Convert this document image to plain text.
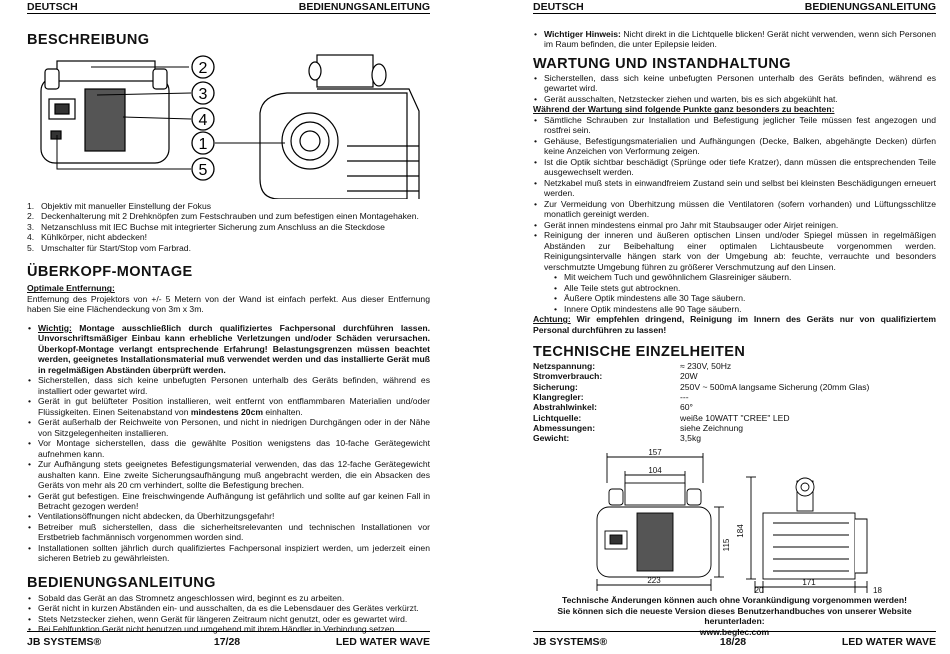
DEUTSCH	BEDIENUNGSANLEITUNG
BESCHREIBUNG
2
3
4
1
5
1. Objektiv mit manueller Einstellung der Fokus
2. Deckenhalterung mit 2 Drehknöpfen zum Festschrauben und zum befestigen einen Montagehaken.
3. Netzanschluss mit IEC Buchse mit integrierter Sicherung zum Anschluss an die Steckdose
4. Kühlkörper, nicht abdecken!
5. Umschalter für Start/Stop vom Farbrad.
ÜBERKOPF-MONTAGE
Optimale Entfernung:
Entfernung des Projektors von +/- 5 Metern von der Wand ist einfach perfekt. Aus dieser Entfernung haben Sie eine Flächendeckung von 3m x 3m.
• Wichtig: Montage ausschließlich durch qualifiziertes Fachpersonal durchführen lassen. Unvorschriftsmäßiger Einbau kann erhebliche Verletzungen und/oder Schäden verursachen. Überkopf-Montage verlangt entsprechende Erfahrung! Belastungsgrenzen müssen beachtet werden, geeignetes Installationsmaterial muß verwendet werden und das installierte Gerät muß in regelmäßigen Abständen überprüft werden.
• Sicherstellen, dass sich keine unbefugten Personen unterhalb des Geräts befinden, während es installiert oder gewartet wird.
• Gerät in gut belüfteter Position installieren, weit entfernt von entflammbaren Materialien und/oder Flüssigkeiten. Einen Seitenabstand von mindestens 20cm einhalten.
• Gerät außerhalb der Reichweite von Personen, und nicht in niedrigen Durchgängen oder in der Nähe von Sitzgelegenheiten installieren.
• Vor Montage sicherstellen, dass die gewählte Position wenigstens das 10-fache Gerätegewicht aufnehmen kann.
• Zur Aufhängung stets geeignetes Befestigungsmaterial verwenden, das das 12-fache Gerätegewicht aushalten kann. Eine zweite Sicherungsaufhängung muß angebracht werden, die ein Absacken des Geräts von mehr als 20 cm verhindert, sollte die Befestigung brechen.
• Gerät gut befestigen. Eine freischwingende Aufhängung ist gefährlich und sollte auf gar keinen Fall in Betracht gezogen werden!
• Ventilationsöffnungen nicht abdecken, da Überhitzungsgefahr!
• Betreiber muß sicherstellen, dass die sicherheitsrelevanten und technischen Installationen vor Erstbetrieb fachmännisch vorgenommen worden sind.
• Installationen sollten jährlich durch qualifiziertes Fachpersonal inspiziert werden, um jederzeit einen sicheren Betrieb zu gewährleisten.
BEDIENUNGSANLEITUNG
• Sobald das Gerät an das Stromnetz angeschlossen wird, beginnt es zu arbeiten.
• Gerät nicht in kurzen Abständen ein- und ausschalten, da es die Lebensdauer des Gerätes verkürzt.
• Stets Netzstecker ziehen, wenn Gerät für längeren Zeitraum nicht genutzt, oder es gewartet wird.
• Bei Fehlfunktion Gerät nicht benutzen und umgehend mit ihrem Händler in Verbindung setzen.
JB SYSTEMS®	17/28	LED WATER WAVE
DEUTSCH	BEDIENUNGSANLEITUNG
• Wichtiger Hinweis: Nicht direkt in die Lichtquelle blicken! Gerät nicht verwenden, wenn sich Personen im Raum befinden, die unter Epilepsie leiden.
WARTUNG UND INSTANDHALTUNG
• Sicherstellen, dass sich keine unbefugten Personen unterhalb des Geräts befinden, während es gewartet wird.
• Gerät ausschalten, Netzstecker ziehen und warten, bis es sich abgekühlt hat.
Während der Wartung sind folgende Punkte ganz besonders zu beachten:
• Sämtliche Schrauben zur Installation und Befestigung jeglicher Teile müssen fest angezogen und rostfrei sein.
• Gehäuse, Befestigungsmaterialien und Aufhängungen (Decke, Balken, abgehängte Decken) dürfen keine Anzeichen von Verformung zeigen.
• Ist die Optik sichtbar beschädigt (Sprünge oder tiefe Kratzer), dann müssen die entsprechenden Teile ausgewechselt werden.
• Netzkabel muß stets in einwandfreiem Zustand sein und selbst bei kleinsten Beschädigungen erneuert werden.
• Zur Vermeidung von Überhitzung müssen die Ventilatoren (sofern vorhanden) und Lüftungsschlitze monatlich gereinigt werden.
• Gerät innen mindestens einmal pro Jahr mit Staubsauger oder Airjet reinigen.
• Reinigung der inneren und äußeren optischen Linsen und/oder Spiegel müssen in regelmäßigen Abständen zur Beibehaltung einer optimalen Lichtausbeute vorgenommen werden. Reinigungsintervalle hängen stark von der Umgebung ab: feuchte, verrauchte und besonders verschmutzte Umgebung führen zu größerer Verschmutzung auf den Linsen.
• Mit weichem Tuch und gewöhnlichem Glasreiniger säubern.
• Alle Teile stets gut abtrocknen.
• Äußere Optik mindestens alle 30 Tage säubern.
• Innere Optik mindestens alle 90 Tage säubern.
Achtung: Wir empfehlen dringend, Reinigung im Innern des Geräts nur von qualifiziertem Personal durchführen zu lassen!
TECHNISCHE EINZELHEITEN
Netzspannung:	≈ 230V, 50Hz
Stromverbrauch:	20W
Sicherung:	250V ~ 500mA langsame Sicherung (20mm Glas)
Klangregler:	---
Abstrahlwinkel:	60°
Lichtquelle:	weiße 10WATT "CREE" LED
Abmessungen:	siehe Zeichnung
Gewicht:	3,5kg
157
104
223
115
184
20
171
18
Technische Änderungen können auch ohne Vorankündigung vorgenommen werden!
Sie können sich die neueste Version dieses Benutzerhandbuches von unserer Website herunterladen:
www.beglec.com
JB SYSTEMS®	18/28	LED WATER WAVE
